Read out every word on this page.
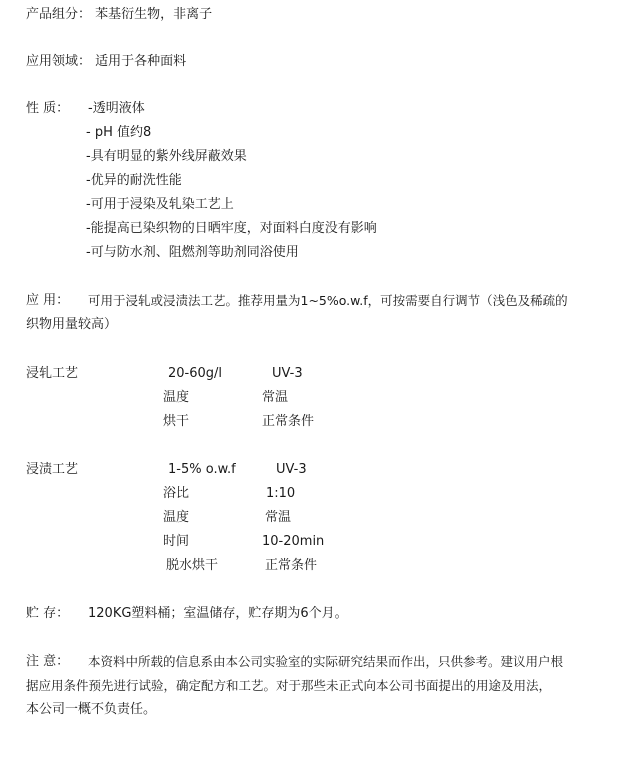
产品组分： 苯基衍生物，非离子
应用领域： 适用于各种面料
性 质： -透明液体
- pH 值约8
-具有明显的紫外线屏蔽效果
-优异的耐洗性能
-可用于浸染及轧染工艺上
-能提高已染织物的日晒牢度，对面料白度没有影响
-可与防水剂、阻燃剂等助剂同浴使用
应 用： 可用于浸轧或浸渍法工艺。推荐用量为1~5%o.w.f，可按需要自行调节（浅色及稀疏的
织物用量较高）
浸轧工艺	20-60g/l	UV-3
温度	常温
烘干	正常条件
浸渍工艺	1-5% o.w.f	UV-3
浴比	1:10
温度	常温
时间	10-20min
脱水烘干	正常条件
贮 存： 120KG塑料桶；室温储存，贮存期为6个月。
注 意： 本资料中所载的信息系由本公司实验室的实际研究结果而作出，只供参考。建议用户根
据应用条件预先进行试验，确定配方和工艺。对于那些未正式向本公司书面提出的用途及用法，
本公司一概不负责任。
